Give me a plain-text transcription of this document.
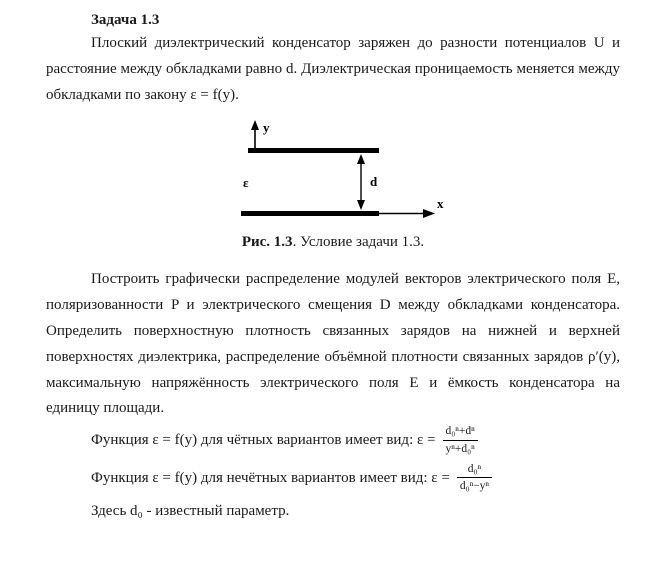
Задача 1.3

Плоский диэлектрический конденсатор заряжен до разности потенциалов U и расстояние между обкладками равно d. Диэлектрическая проницаемость меняется между обкладками по закону ε = f(y).

y
ε	d
x
Рис. 1.3. Условие задачи 1.3.

Построить графически распределение модулей векторов электрического поля E, поляризованности P и электрического смещения D между обкладками конденсатора. Определить поверхностную плотность связанных зарядов на нижней и верхней поверхностях диэлектрика, распределение объёмной плотности связанных зарядов ρ′(y), максимальную напряжённость электрического поля E и ёмкость конденсатора на единицу площади.

Функция ε = f(y) для чётных вариантов имеет вид: $\varepsilon = \frac{\text{d₀ⁿ+dⁿ}}{\text{yⁿ+d₀ⁿ}}$
Функция ε = f(y) для нечётных вариантов имеет вид: $\varepsilon = \frac{\text{d₀ⁿ}}{\text{d₀ⁿ−yⁿ}}$
Здесь d₀ - известный параметр.
